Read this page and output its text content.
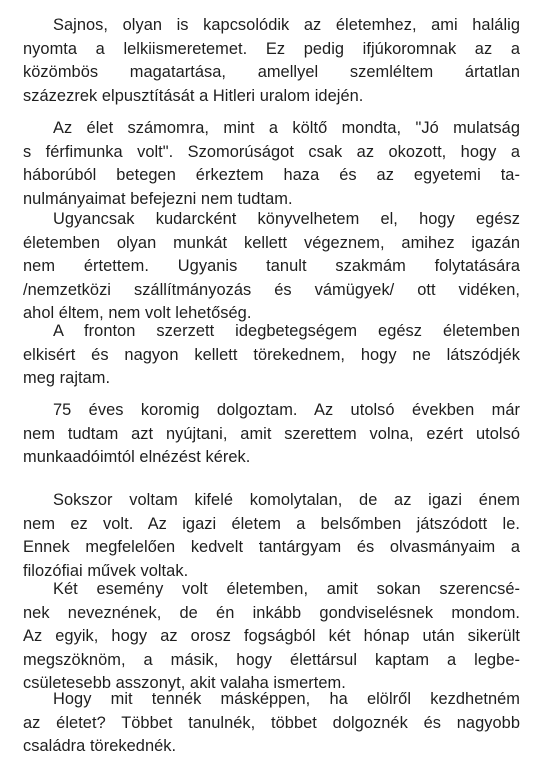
Sajnos, olyan is kapcsolódik az életemhez, ami halálig
nyomta a lelkiismeretemet. Ez pedig ifjúkoromnak az a
közömbös magatartása, amellyel szemléltem ártatlan
százezrek elpusztítását a Hitleri uralom idején.

Az élet számomra, mint a költő mondta, "Jó mulatság
s férfimunka volt". Szomorúságot csak az okozott, hogy a
háborúból betegen érkeztem haza és az egyetemi ta-
nulmányaimat befejezni nem tudtam.

Ugyancsak kudarcként könyvelhetem el, hogy egész
életemben olyan munkát kellett végeznem, amihez igazán
nem értettem. Ugyanis tanult szakmám folytatására
/nemzetközi szállítmányozás és vámügyek/ ott vidéken,
ahol éltem, nem volt lehetőség.

A fronton szerzett idegbetegségem egész életemben
elkisért és nagyon kellett törekednem, hogy ne látszódjék
meg rajtam.

75 éves koromig dolgoztam. Az utolsó években már
nem tudtam azt nyújtani, amit szerettem volna, ezért utolsó
munkaadóimtól elnézést kérek.

Sokszor voltam kifelé komolytalan, de az igazi énem
nem ez volt. Az igazi életem a belsőmben játszódott le.
Ennek megfelelően kedvelt tantárgyam és olvasmányaim a
filozófiai művek voltak.

Két esemény volt életemben, amit sokan szerencsé-
nek neveznének, de én inkább gondviselésnek mondom.
Az egyik, hogy az orosz fogságból két hónap után sikerült
megszöknöm, a másik, hogy élettársul kaptam a legbe-
csületesebb asszonyt, akit valaha ismertem.

Hogy mit tennék másképpen, ha elölről kezdhetném
az életet? Többet tanulnék, többet dolgoznék és nagyobb
családra törekednék.
